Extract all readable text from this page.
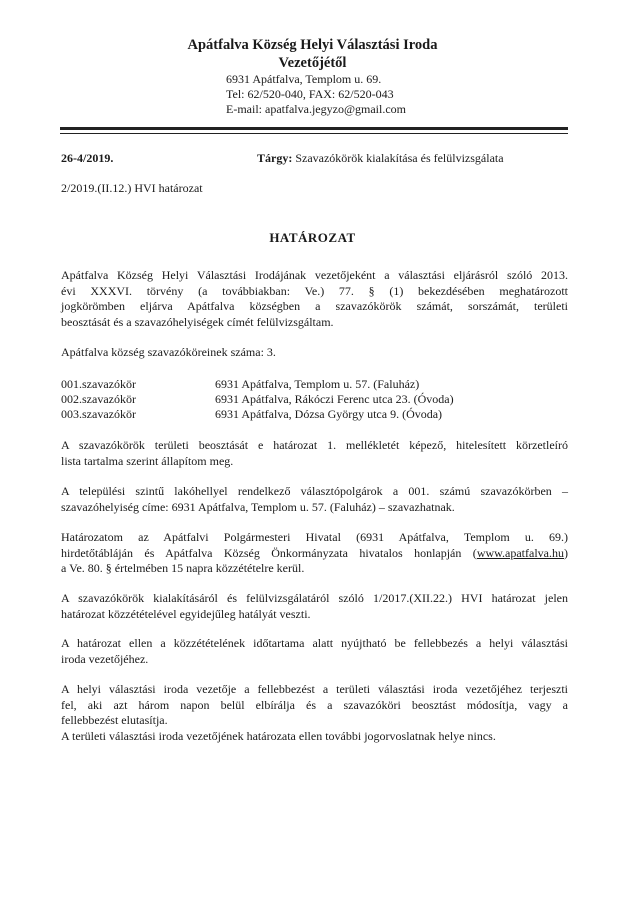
Apátfalva Község Helyi Választási Iroda
Vezetőjétől
6931 Apátfalva, Templom u. 69.
Tel: 62/520-040, FAX: 62/520-043
E-mail: apatfalva.jegyzo@gmail.com
26-4/2019.	Tárgy: Szavazókörök kialakítása és felülvizsgálata
2/2019.(II.12.) HVI határozat
HATÁROZAT
Apátfalva Község Helyi Választási Irodájának vezetőjeként a választási eljárásról szóló 2013.
évi XXXVI. törvény (a továbbiakban: Ve.) 77. § (1) bekezdésében meghatározott
jogkörömben eljárva Apátfalva községben a szavazókörök számát, sorszámát, területi
beosztását és a szavazóhelyiségek címét felülvizsgáltam.
Apátfalva község szavazóköreinek száma: 3.
001.szavazókör	6931 Apátfalva, Templom u. 57. (Faluház)
002.szavazókör	6931 Apátfalva, Rákóczi Ferenc utca 23. (Óvoda)
003.szavazókör	6931 Apátfalva, Dózsa György utca 9. (Óvoda)
A szavazókörök területi beosztását e határozat 1. mellékletét képező, hitelesített körzetleíró
lista tartalma szerint állapítom meg.
A települési szintű lakóhellyel rendelkező választópolgárok a 001. számú szavazókörben –
szavazóhelyiség címe: 6931 Apátfalva, Templom u. 57. (Faluház) – szavazhatnak.
Határozatom az Apátfalvi Polgármesteri Hivatal (6931 Apátfalva, Templom u. 69.)
hirdetőtábláján és Apátfalva Község Önkormányzata hivatalos honlapján (www.apatfalva.hu)
a Ve. 80. § értelmében 15 napra közzétételre kerül.
A szavazókörök kialakításáról és felülvizsgálatáról szóló 1/2017.(XII.22.) HVI határozat jelen
határozat közzétételével egyidejűleg hatályát veszti.
A határozat ellen a közzétételének időtartama alatt nyújtható be fellebbezés a helyi választási
iroda vezetőjéhez.
A helyi választási iroda vezetője a fellebbezést a területi választási iroda vezetőjéhez terjeszti
fel, aki azt három napon belül elbírálja és a szavazóköri beosztást módosítja, vagy a
fellebbezést elutasítja.
A területi választási iroda vezetőjének határozata ellen további jogorvoslatnak helye nincs.
